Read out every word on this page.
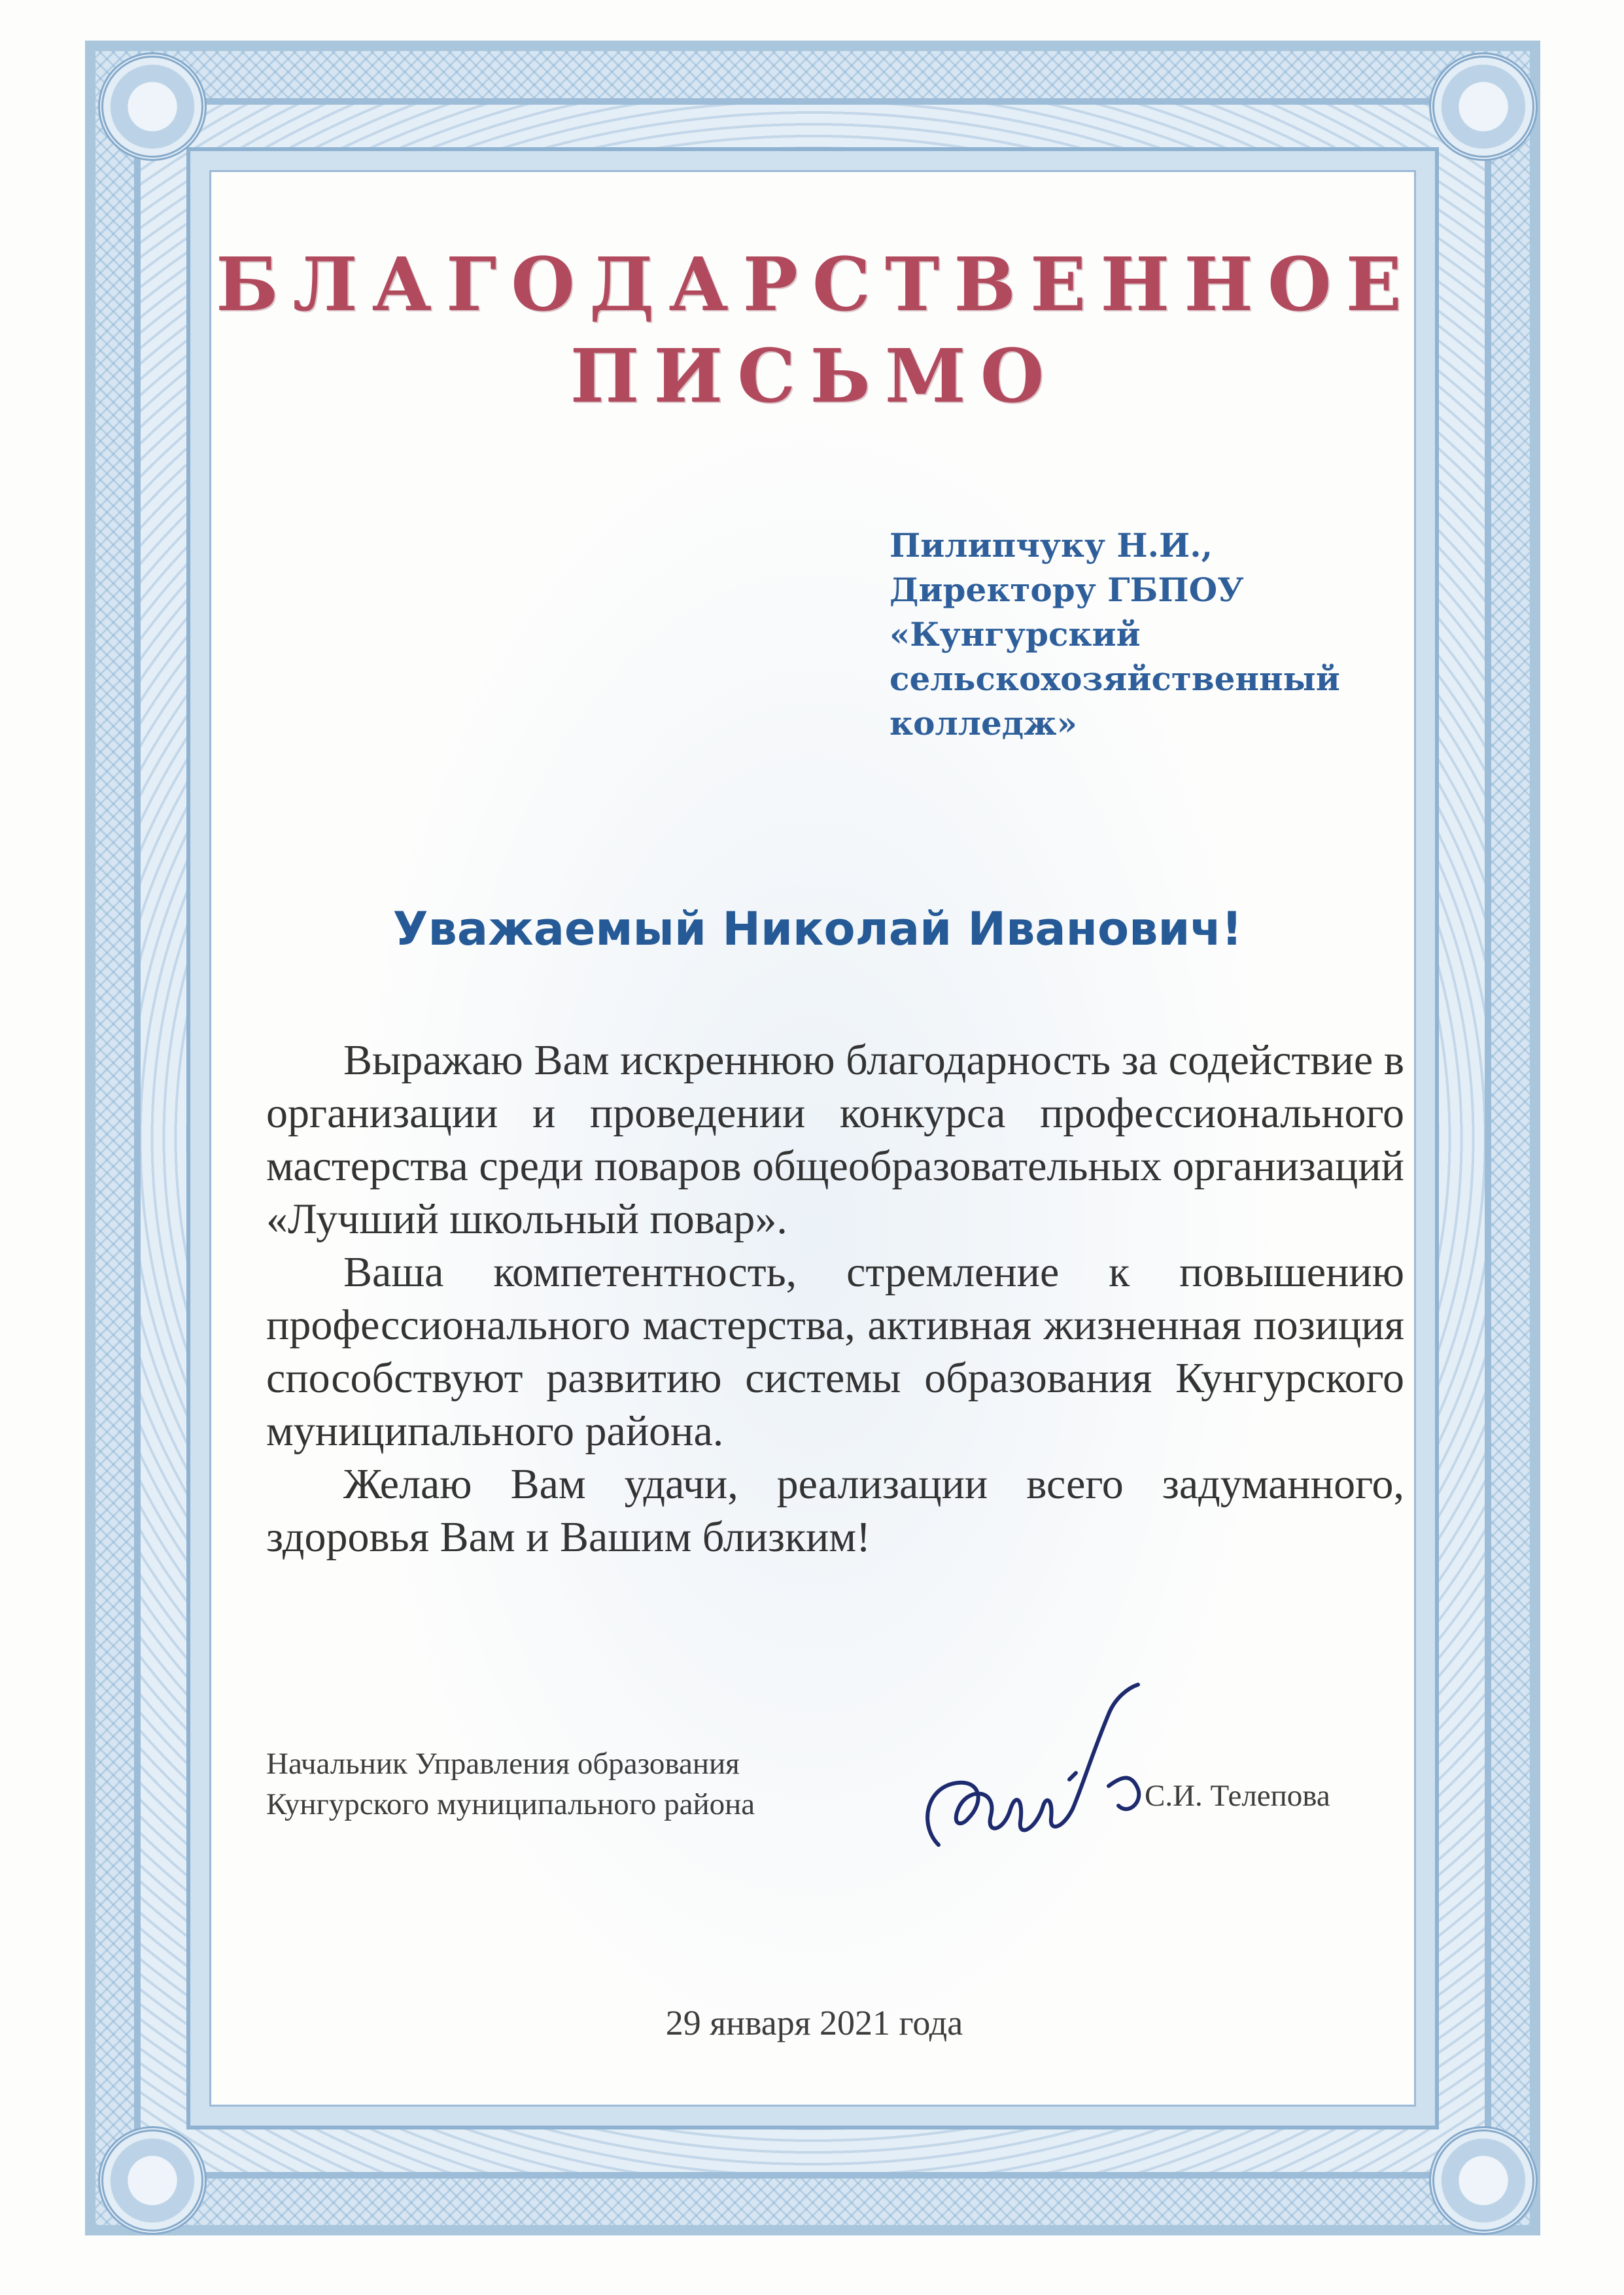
БЛАГОДАРСТВЕННОЕ
ПИСЬМО
Пилипчуку Н.И.,
Директору ГБПОУ
«Кунгурский
сельскохозяйственный
колледж»
Уважаемый Николай Иванович!

Выражаю Вам искреннюю благодарность за содействие в организации и проведении конкурса профессионального мастерства среди поваров общеобразовательных организаций «Лучший школьный повар».

Ваша компетентность, стремление к повышению профессионального мастерства, активная жизненная позиция способствуют развитию системы образования Кунгурского муниципального района.

Желаю Вам удачи, реализации всего задуманного, здоровья Вам и Вашим близким!

Начальник Управления образования
Кунгурского муниципального района	С.И. Телепова
29 января 2021 года
